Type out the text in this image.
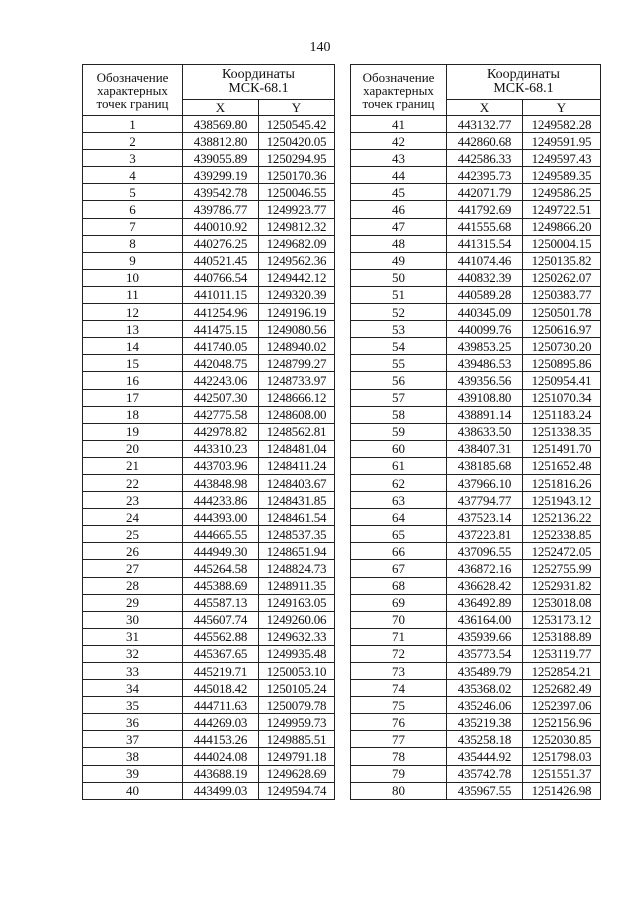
140
Обозначение
характерных
точек границ	Координаты
МСК-68.1	
	X	Y
1	438569.80	1250545.42
2	438812.80	1250420.05
3	439055.89	1250294.95
4	439299.19	1250170.36
5	439542.78	1250046.55
6	439786.77	1249923.77
7	440010.92	1249812.32
8	440276.25	1249682.09
9	440521.45	1249562.36
10	440766.54	1249442.12
11	441011.15	1249320.39
12	441254.96	1249196.19
13	441475.15	1249080.56
14	441740.05	1248940.02
15	442048.75	1248799.27
16	442243.06	1248733.97
17	442507.30	1248666.12
18	442775.58	1248608.00
19	442978.82	1248562.81
20	443310.23	1248481.04
21	443703.96	1248411.24
22	443848.98	1248403.67
23	444233.86	1248431.85
24	444393.00	1248461.54
25	444665.55	1248537.35
26	444949.30	1248651.94
27	445264.58	1248824.73
28	445388.69	1248911.35
29	445587.13	1249163.05
30	445607.74	1249260.06
31	445562.88	1249632.33
32	445367.65	1249935.48
33	445219.71	1250053.10
34	445018.42	1250105.24
35	444711.63	1250079.78
36	444269.03	1249959.73
37	444153.26	1249885.51
38	444024.08	1249791.18
39	443688.19	1249628.69
40	443499.03	1249594.74
Обозначение
характерных
точек границ	Координаты
МСК-68.1	
	X	Y
41	443132.77	1249582.28
42	442860.68	1249591.95
43	442586.33	1249597.43
44	442395.73	1249589.35
45	442071.79	1249586.25
46	441792.69	1249722.51
47	441555.68	1249866.20
48	441315.54	1250004.15
49	441074.46	1250135.82
50	440832.39	1250262.07
51	440589.28	1250383.77
52	440345.09	1250501.78
53	440099.76	1250616.97
54	439853.25	1250730.20
55	439486.53	1250895.86
56	439356.56	1250954.41
57	439108.80	1251070.34
58	438891.14	1251183.24
59	438633.50	1251338.35
60	438407.31	1251491.70
61	438185.68	1251652.48
62	437966.10	1251816.26
63	437794.77	1251943.12
64	437523.14	1252136.22
65	437223.81	1252338.85
66	437096.55	1252472.05
67	436872.16	1252755.99
68	436628.42	1252931.82
69	436492.89	1253018.08
70	436164.00	1253173.12
71	435939.66	1253188.89
72	435773.54	1253119.77
73	435489.79	1252854.21
74	435368.02	1252682.49
75	435246.06	1252397.06
76	435219.38	1252156.96
77	435258.18	1252030.85
78	435444.92	1251798.03
79	435742.78	1251551.37
80	435967.55	1251426.98
